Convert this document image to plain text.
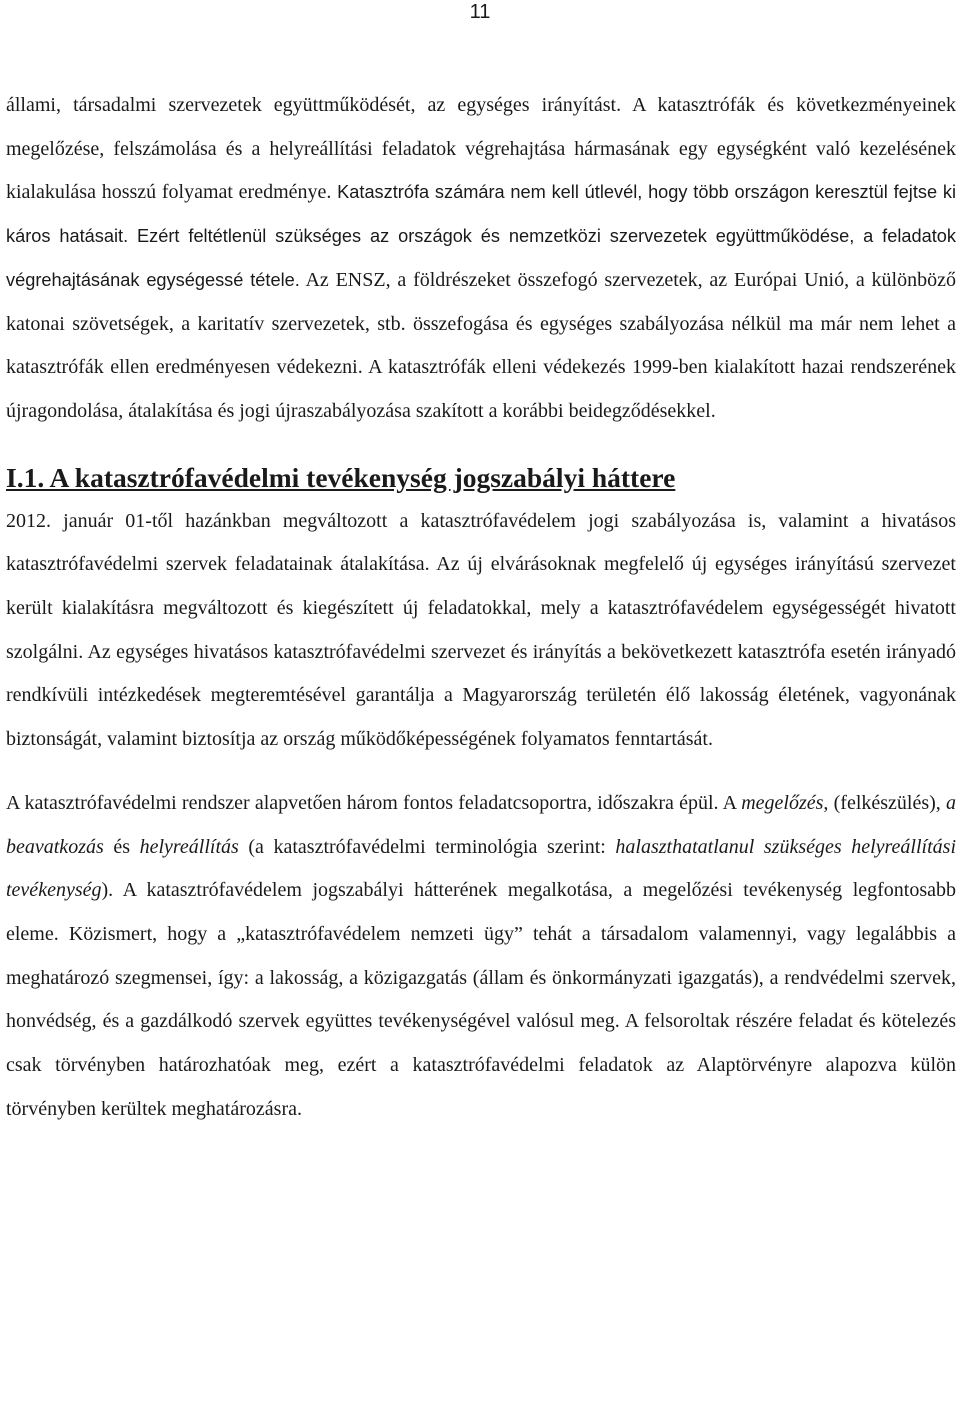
11

állami, társadalmi szervezetek együttműködését, az egységes irányítást. A katasztrófák és következményeinek megelőzése, felszámolása és a helyreállítási feladatok végrehajtása hármasának egy egységként való kezelésének kialakulása hosszú folyamat eredménye. Katasztrófa számára nem kell útlevél, hogy több országon keresztül fejtse ki káros hatásait. Ezért feltétlenül szükséges az országok és nemzetközi szervezetek együttműködése, a feladatok végrehajtásának egységessé tétele. Az ENSZ, a földrészeket összefogó szervezetek, az Európai Unió, a különböző katonai szövetségek, a karitatív szervezetek, stb. összefogása és egységes szabályozása nélkül ma már nem lehet a katasztrófák ellen eredményesen védekezni. A katasztrófák elleni védekezés 1999-ben kialakított hazai rendszerének újragondolása, átalakítása és jogi újraszabályozása szakított a korábbi beidegződésekkel.

I.1. A katasztrófavédelmi tevékenység jogszabályi háttere

2012. január 01-től hazánkban megváltozott a katasztrófavédelem jogi szabályozása is, valamint a hivatásos katasztrófavédelmi szervek feladatainak átalakítása. Az új elvárásoknak megfelelő új egységes irányítású szervezet került kialakításra megváltozott és kiegészített új feladatokkal, mely a katasztrófavédelem egységességét hivatott szolgálni. Az egységes hivatásos katasztrófavédelmi szervezet és irányítás a bekövetkezett katasztrófa esetén irányadó rendkívüli intézkedések megteremtésével garantálja a Magyarország területén élő lakosság életének, vagyonának biztonságát, valamint biztosítja az ország működőképességének folyamatos fenntartását.

A katasztrófavédelmi rendszer alapvetően három fontos feladatcsoportra, időszakra épül. A megelőzés, (felkészülés), a beavatkozás és helyreállítás (a katasztrófavédelmi terminológia szerint: halaszthatatlanul szükséges helyreállítási tevékenység). A katasztrófavédelem jogszabályi hátterének megalkotása, a megelőzési tevékenység legfontosabb eleme. Közismert, hogy a „katasztrófavédelem nemzeti ügy” tehát a társadalom valamennyi, vagy legalábbis a meghatározó szegmensei, így: a lakosság, a közigazgatás (állam és önkormányzati igazgatás), a rendvédelmi szervek, honvédség, és a gazdálkodó szervek együttes tevékenységével valósul meg. A felsoroltak részére feladat és kötelezés csak törvényben határozhatóak meg, ezért a katasztrófavédelmi feladatok az Alaptörvényre alapozva külön törvényben kerültek meghatározásra.
